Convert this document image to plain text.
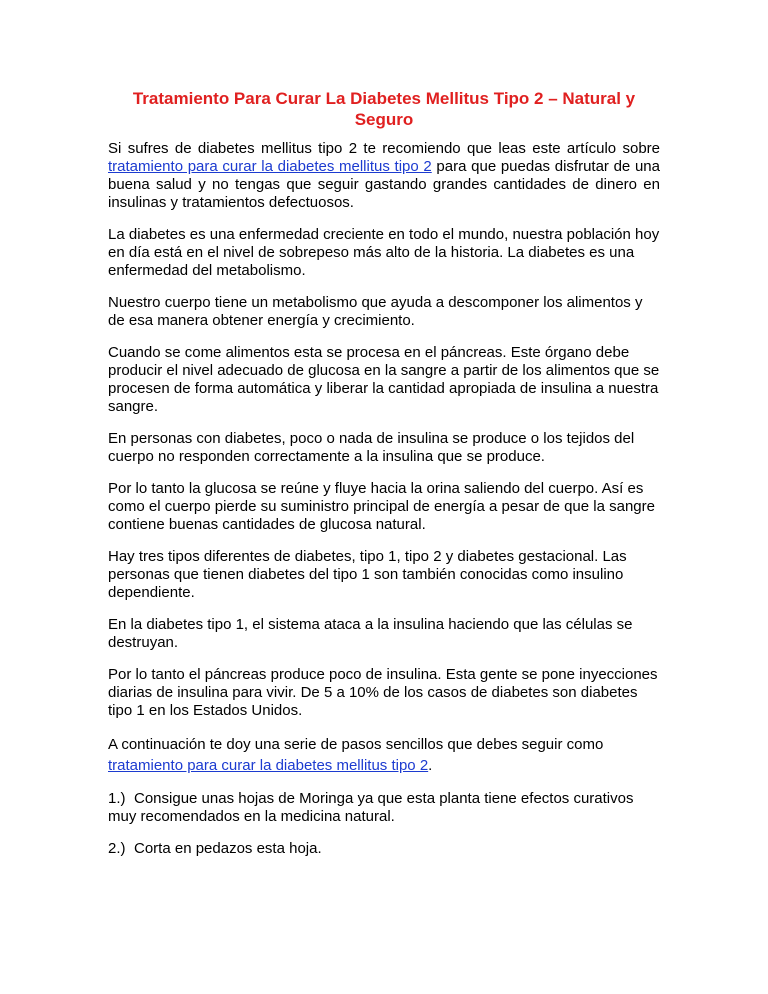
Tratamiento Para Curar La Diabetes Mellitus Tipo 2 – Natural y Seguro

Si sufres de diabetes mellitus tipo 2 te recomiendo que leas este artículo sobre tratamiento para curar la diabetes mellitus tipo 2 para que puedas disfrutar de una buena salud y no tengas que seguir gastando grandes cantidades de dinero en insulinas y tratamientos defectuosos.

La diabetes es una enfermedad creciente en todo el mundo, nuestra población hoy en día está en el nivel de sobrepeso más alto de la historia. La diabetes es una enfermedad del metabolismo.

Nuestro cuerpo tiene un metabolismo que ayuda a descomponer los alimentos y de esa manera obtener energía y crecimiento.

Cuando se come alimentos esta se procesa en el páncreas. Este órgano debe producir el nivel adecuado de glucosa en la sangre a partir de los alimentos que se procesen de forma automática y liberar la cantidad apropiada de insulina a nuestra sangre.

En personas con diabetes, poco o nada de insulina se produce o los tejidos del cuerpo no responden correctamente a la insulina que se produce.

Por lo tanto la glucosa se reúne y fluye hacia la orina saliendo del cuerpo. Así es como el cuerpo pierde su suministro principal de energía a pesar de que la sangre contiene buenas cantidades de glucosa natural.

Hay tres tipos diferentes de diabetes, tipo 1, tipo 2 y diabetes gestacional. Las personas que tienen diabetes del tipo 1 son también conocidas como insulino dependiente.

En la diabetes tipo 1, el sistema ataca a la insulina haciendo que las células se destruyan.

Por lo tanto el páncreas produce poco de insulina. Esta gente se pone inyecciones diarias de insulina para vivir. De 5 a 10% de los casos de diabetes son diabetes tipo 1 en los Estados Unidos.

A continuación te doy una serie de pasos sencillos que debes seguir como tratamiento para curar la diabetes mellitus tipo 2.

1.) Consigue unas hojas de Moringa ya que esta planta tiene efectos curativos muy recomendados en la medicina natural.

2.) Corta en pedazos esta hoja.
